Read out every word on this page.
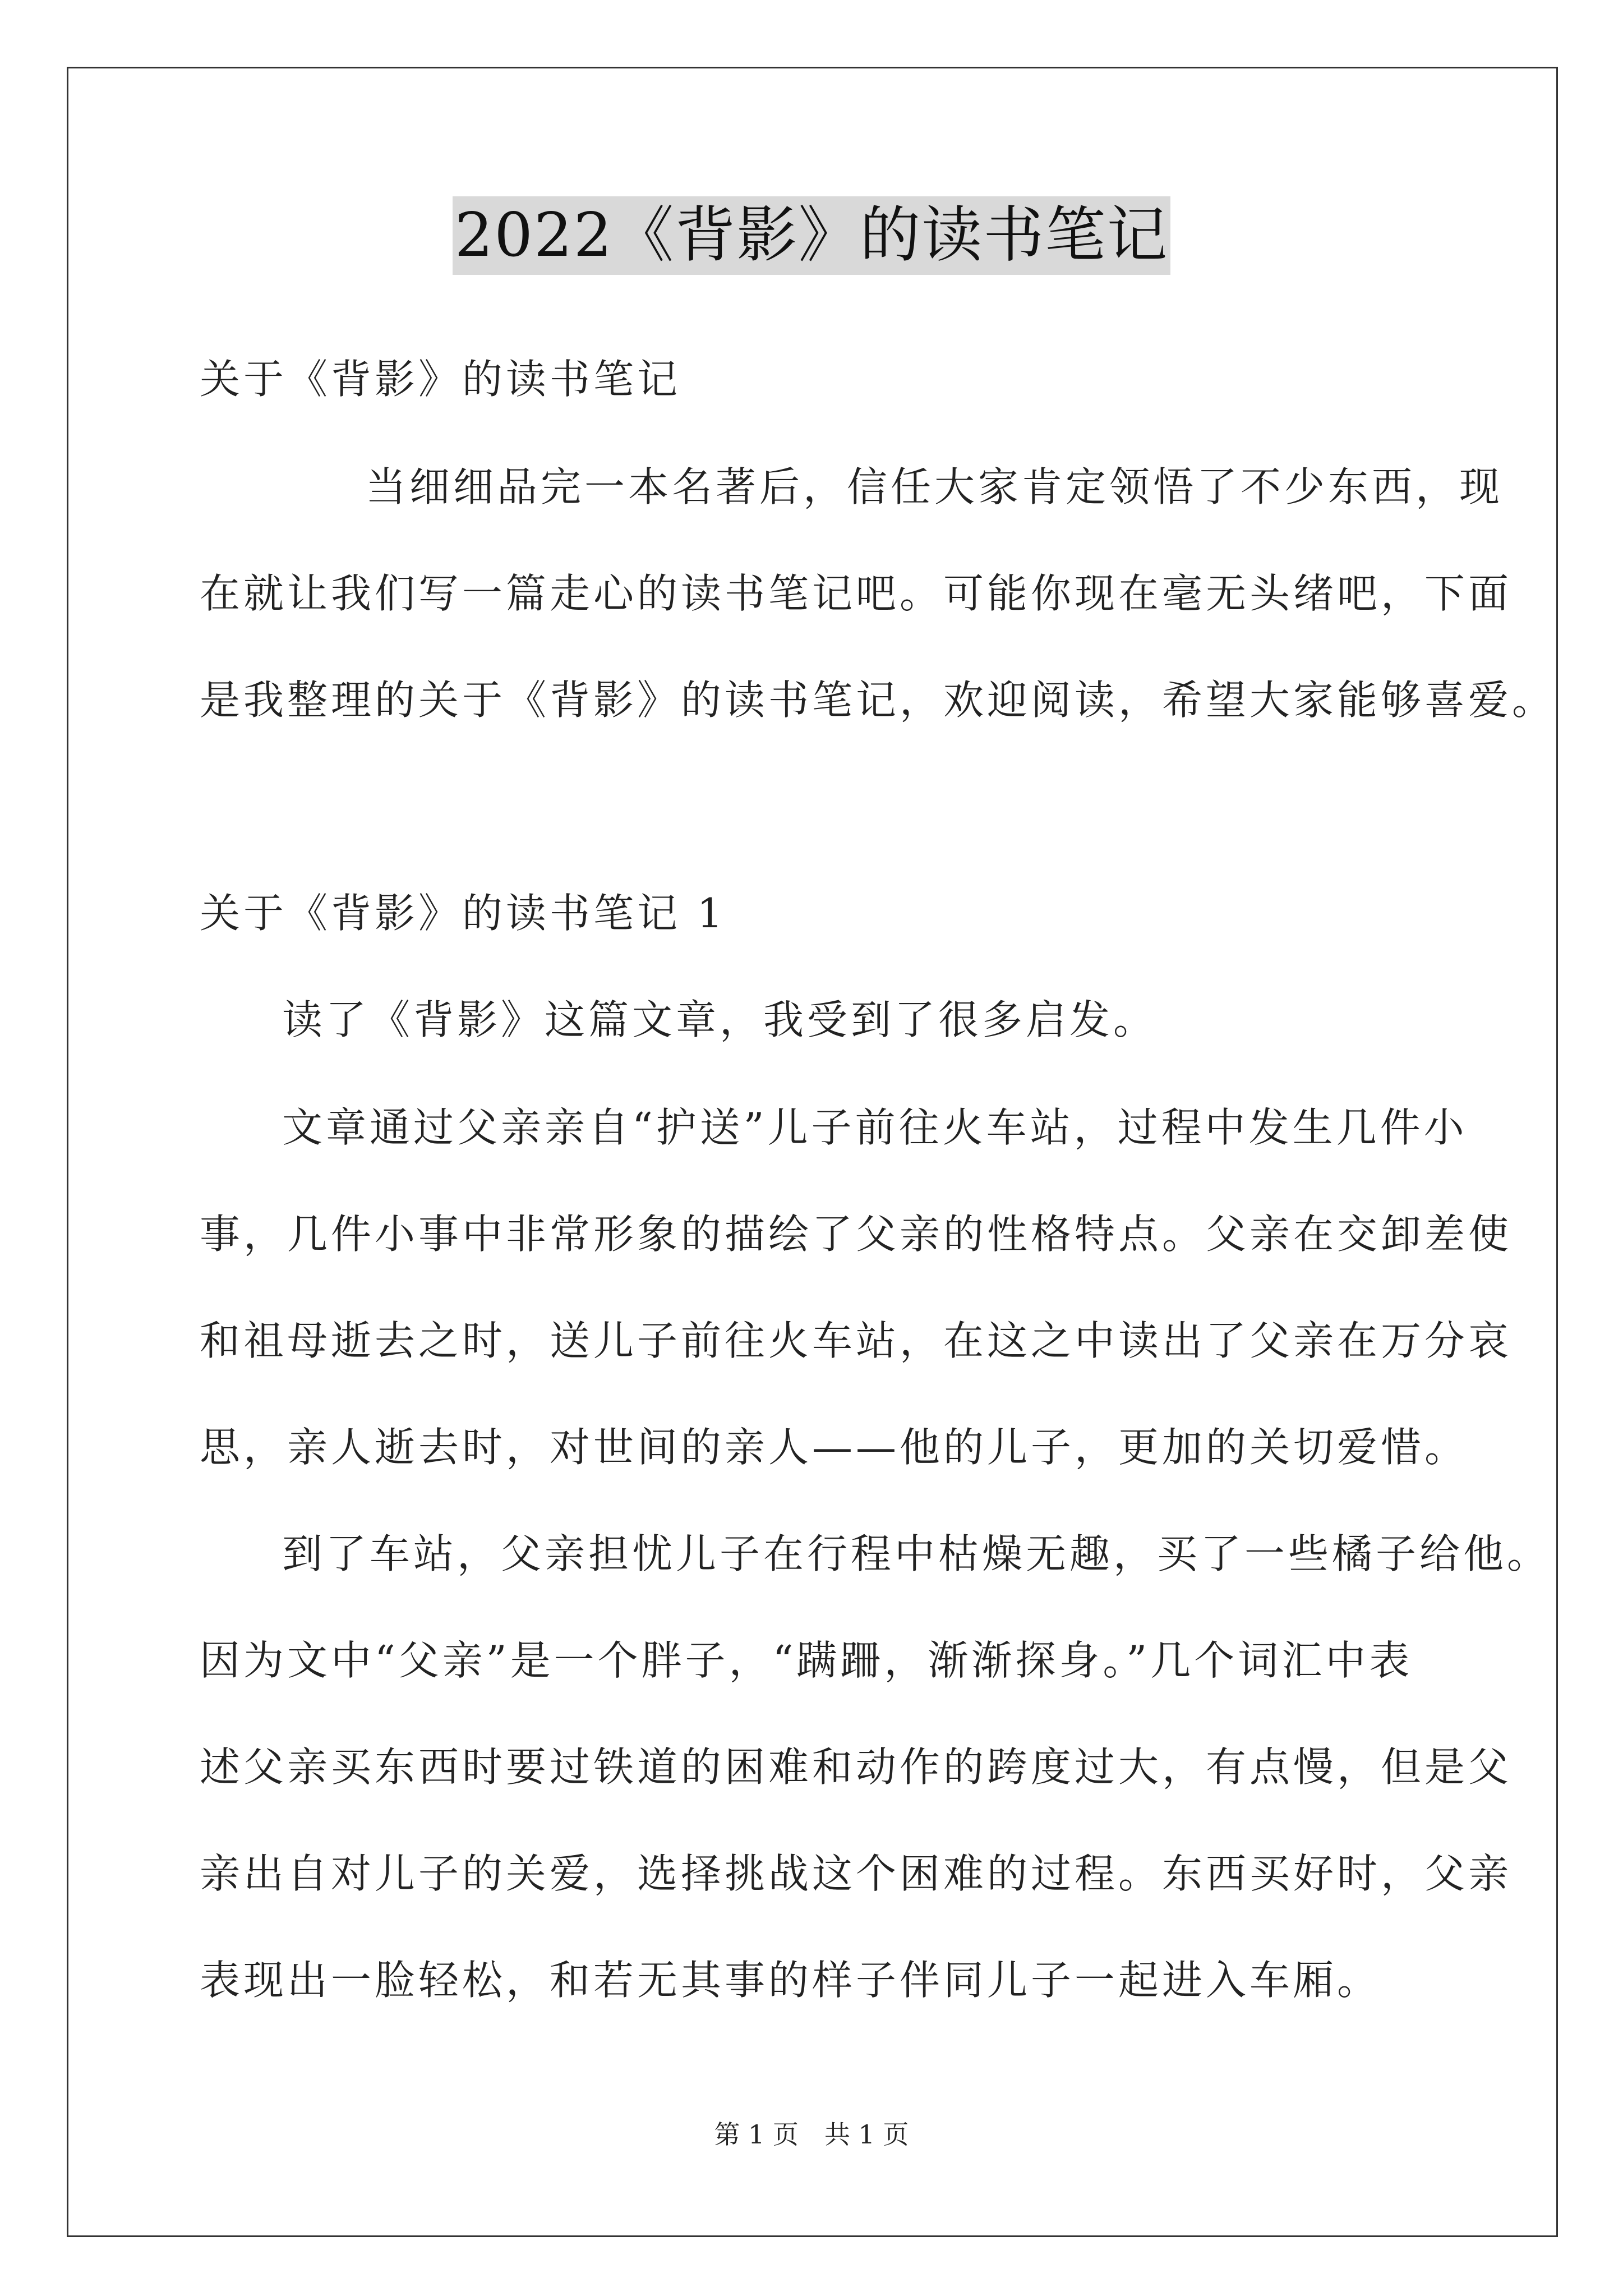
2022《背影》的读书笔记
关于《背影》的读书笔记
当细细品完一本名著后，信任大家肯定领悟了不少东西，现
在就让我们写一篇走心的读书笔记吧。可能你现在毫无头绪吧，下面
是我整理的关于《背影》的读书笔记，欢迎阅读，希望大家能够喜爱。
关于《背影》的读书笔记 1
读了《背影》这篇文章，我受到了很多启发。
文章通过父亲亲自“护送”儿子前往火车站，过程中发生几件小
事，几件小事中非常形象的描绘了父亲的性格特点。父亲在交卸差使
和祖母逝去之时，送儿子前往火车站，在这之中读出了父亲在万分哀
思，亲人逝去时，对世间的亲人——他的儿子，更加的关切爱惜。
到了车站，父亲担忧儿子在行程中枯燥无趣，买了一些橘子给他。
因为文中“父亲”是一个胖子，“蹒跚，渐渐探身。”几个词汇中表
述父亲买东西时要过铁道的困难和动作的跨度过大，有点慢，但是父
亲出自对儿子的关爱，选择挑战这个困难的过程。东西买好时，父亲
表现出一脸轻松，和若无其事的样子伴同儿子一起进入车厢。
第 1 页　共 1 页
